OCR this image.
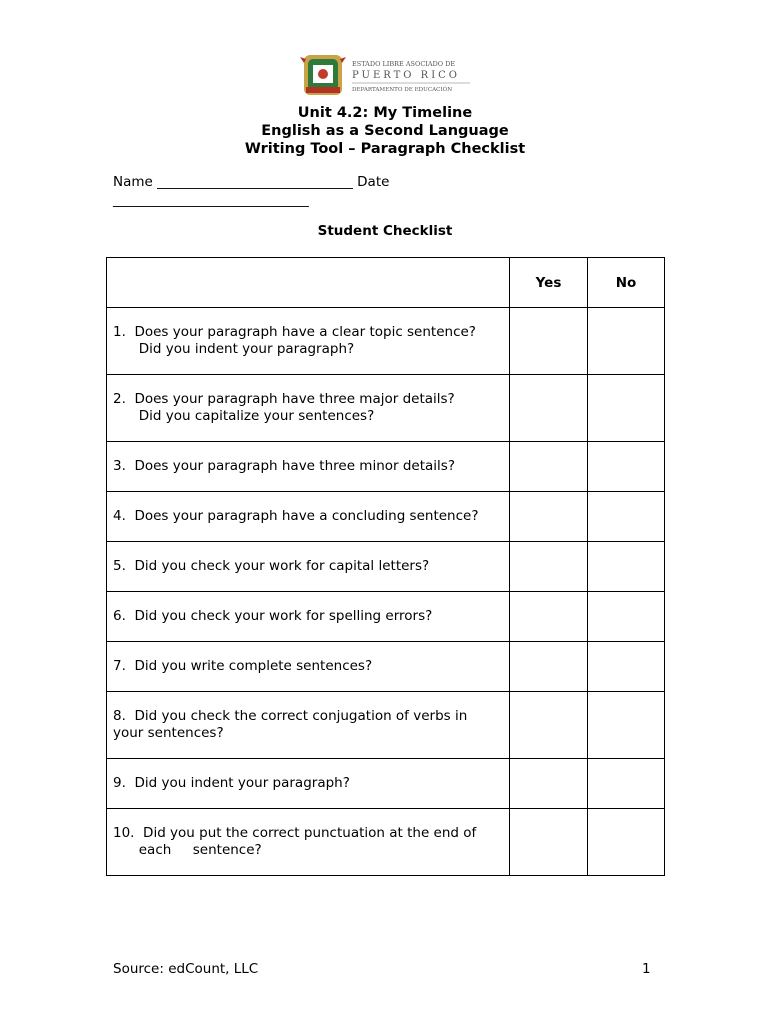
ESTADO LIBRE ASOCIADO DE
PUERTO RICO
DEPARTAMENTO DE EDUCACIÓN
Unit 4.2: My Timeline
English as a Second Language
Writing Tool – Paragraph Checklist
Name _____________________________ Date
_____________________________
Student Checklist
	Yes	No

1.  Does your paragraph have a clear topic sentence?
Did you indent your paragraph?		

2.  Does your paragraph have three major details?
Did you capitalize your sentences?		

3.  Does your paragraph have three minor details?		

4.  Does your paragraph have a concluding sentence?		

5.  Did you check your work for capital letters?		

6.  Did you check your work for spelling errors?		

7.  Did you write complete sentences?		

8.  Did you check the correct conjugation of verbs in
your sentences?		

9.  Did you indent your paragraph?		

10.  Did you put the correct punctuation at the end of
each     sentence?		

Source: edCount, LLC	1
